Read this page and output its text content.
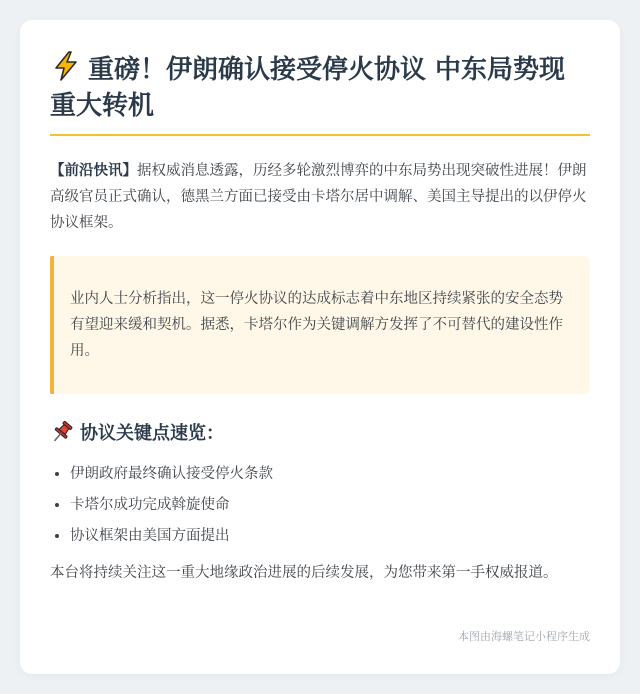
重磅！伊朗确认接受停火协议 中东局势现重大转机

【前沿快讯】据权威消息透露，历经多轮激烈博弈的中东局势出现突破性进展！伊朗高级官员正式确认，德黑兰方面已接受由卡塔尔居中调解、美国主导提出的以伊停火协议框架。

业内人士分析指出，这一停火协议的达成标志着中东地区持续紧张的安全态势有望迎来缓和契机。据悉，卡塔尔作为关键调解方发挥了不可替代的建设性作用。
协议关键点速览：
• 伊朗政府最终确认接受停火条款
• 卡塔尔成功完成斡旋使命
• 协议框架由美国方面提出

本台将持续关注这一重大地缘政治进展的后续发展，为您带来第一手权威报道。

本图由海螺笔记小程序生成
